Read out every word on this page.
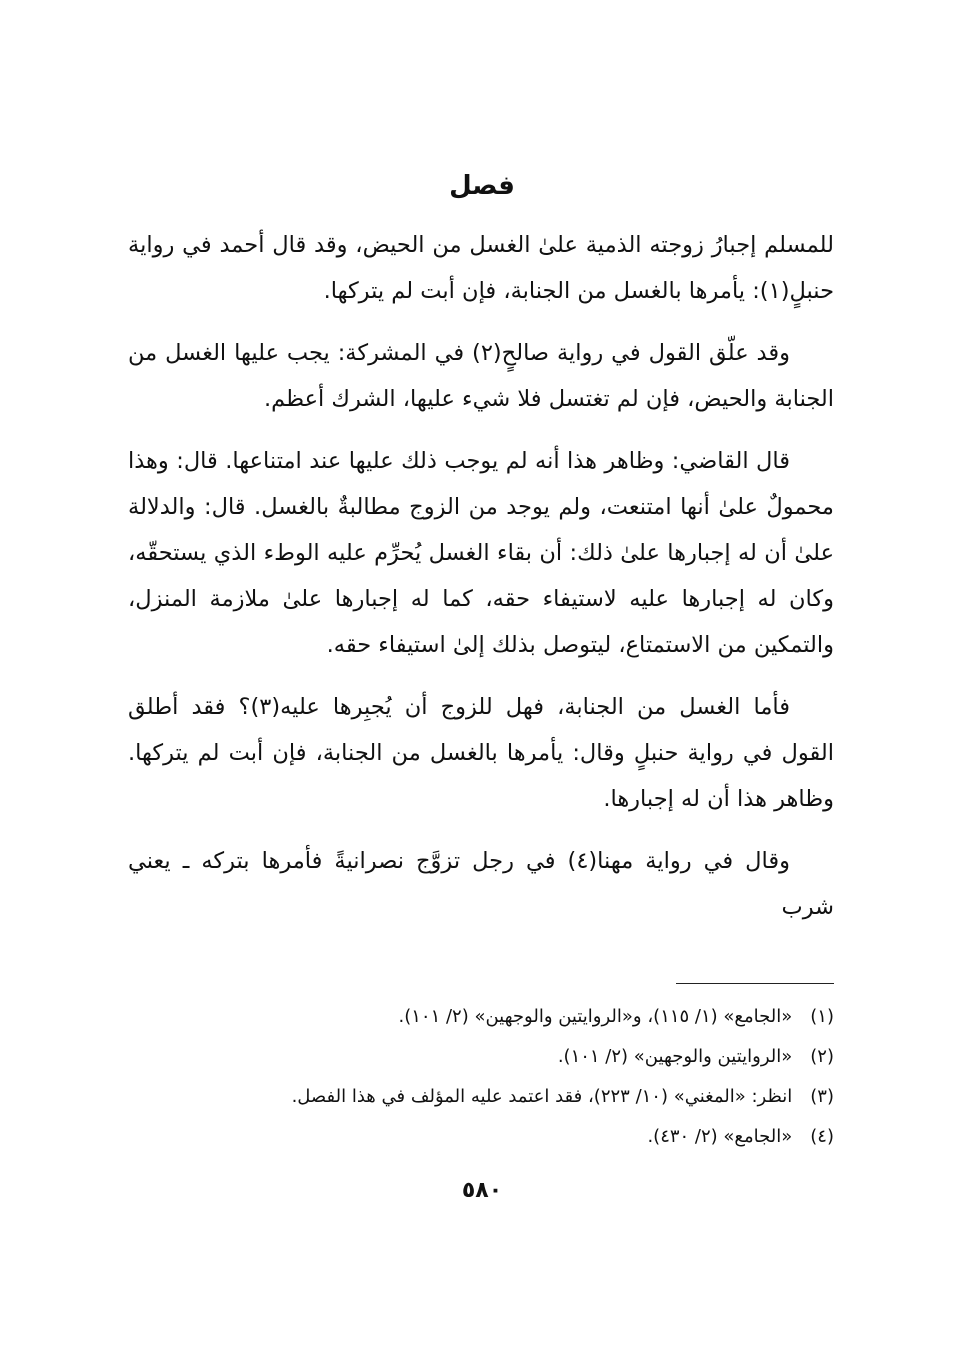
فصل

للمسلم إجبارُ زوجته الذمية علىٰ الغسل من الحيض، وقد قال أحمد في رواية حنبلٍ(١): يأمرها بالغسل من الجنابة، فإن أبت لم يتركها.

وقد علّق القول في رواية صالحٍ(٢) في المشركة: يجب عليها الغسل من الجنابة والحيض، فإن لم تغتسل فلا شيء عليها، الشرك أعظم.

قال القاضي: وظاهر هذا أنه لم يوجب ذلك عليها عند امتناعها. قال: وهذا محمولٌ علىٰ أنها امتنعت، ولم يوجد من الزوج مطالبةٌ بالغسل. قال: والدلالة علىٰ أن له إجبارها علىٰ ذلك: أن بقاء الغسل يُحرِّم عليه الوطء الذي يستحقّه، وكان له إجبارها عليه لاستيفاء حقه، كما له إجبارها علىٰ ملازمة المنزل، والتمكين من الاستمتاع، ليتوصل بذلك إلىٰ استيفاء حقه.

فأما الغسل من الجنابة، فهل للزوج أن يُجبِرها عليه(٣)؟ فقد أطلق القول في رواية حنبلٍ وقال: يأمرها بالغسل من الجنابة، فإن أبت لم يتركها. وظاهر هذا أن له إجبارها.

وقال في رواية مهنا(٤) في رجل تزوَّج نصرانيةً فأمرها بتركه ـ يعني شرب

(١) «الجامع» (١/ ١١٥)، و«الروايتين والوجهين» (٢/ ١٠١).
(٢) «الروايتين والوجهين» (٢/ ١٠١).
(٣) انظر: «المغني» (١٠/ ٢٢٣)، فقد اعتمد عليه المؤلف في هذا الفصل.
(٤) «الجامع» (٢/ ٤٣٠).
٥٨٠
